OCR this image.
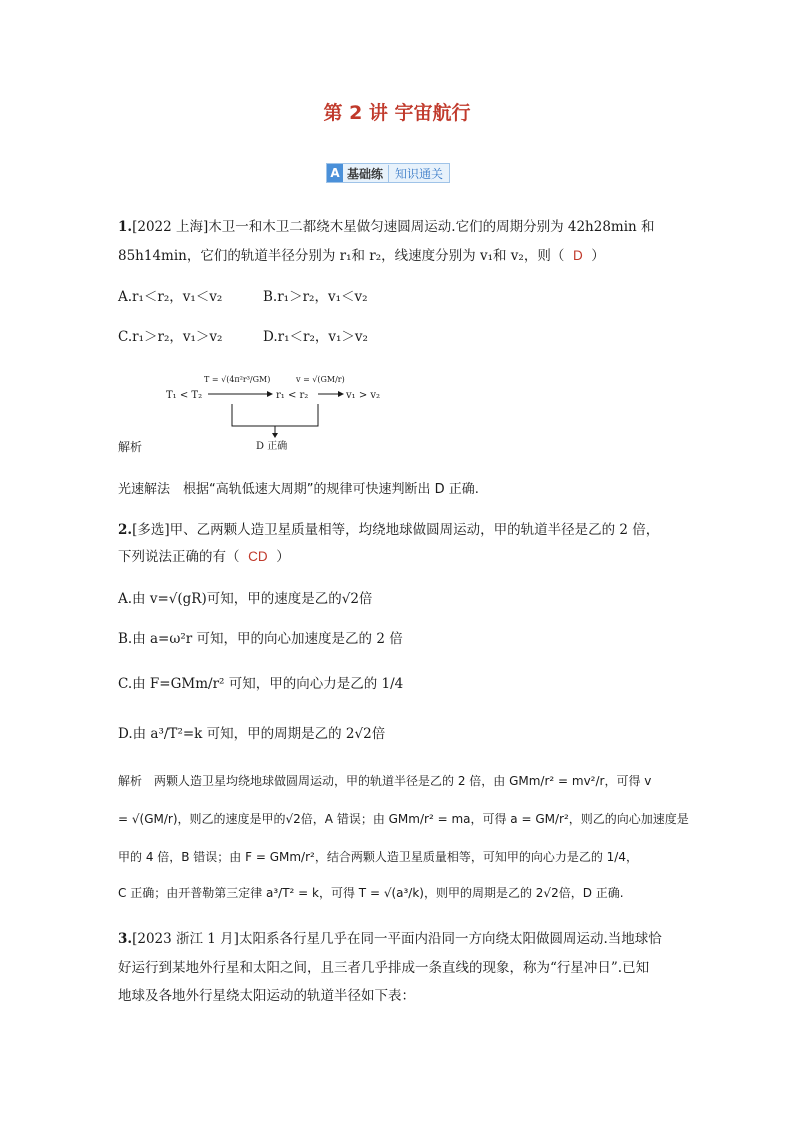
第 2 讲 宇宙航行
A 基础练	知识通关
1.[2022 上海]木卫一和木卫二都绕木星做匀速圆周运动.它们的周期分别为 42h28min 和
85h14min，它们的轨道半径分别为 r₁和 r₂，线速度分别为 v₁和 v₂，则（ D ）
A.r₁＜r₂，v₁＜v₂	B.r₁＞r₂，v₁＜v₂
C.r₁＞r₂，v₁＞v₂	D.r₁＜r₂，v₁＞v₂
T₁ < T₂
T = √(4π²r³/GM)
r₁ < r₂
v = √(GM/r)
v₁ > v₂
D 正确
解析
光速解法　根据“高轨低速大周期”的规律可快速判断出 D 正确.
2.[多选]甲、乙两颗人造卫星质量相等，均绕地球做圆周运动，甲的轨道半径是乙的 2 倍，
下列说法正确的有（ CD ）
A.由 v=√(gR)可知，甲的速度是乙的√2倍
B.由 a=ω²r 可知，甲的向心加速度是乙的 2 倍
C.由 F=GMm/r² 可知，甲的向心力是乙的 1/4
D.由 a³/T²=k 可知，甲的周期是乙的 2√2倍
解析　两颗人造卫星均绕地球做圆周运动，甲的轨道半径是乙的 2 倍，由 GMm/r² = mv²/r，可得 v
= √(GM/r)，则乙的速度是甲的√2倍，A 错误；由 GMm/r² = ma，可得 a = GM/r²，则乙的向心加速度是
甲的 4 倍，B 错误；由 F = GMm/r²，结合两颗人造卫星质量相等，可知甲的向心力是乙的 1/4，
C 正确；由开普勒第三定律 a³/T² = k，可得 T = √(a³/k)，则甲的周期是乙的 2√2倍，D 正确.
3.[2023 浙江 1 月]太阳系各行星几乎在同一平面内沿同一方向绕太阳做圆周运动.当地球恰
好运行到某地外行星和太阳之间，且三者几乎排成一条直线的现象，称为“行星冲日”.已知
地球及各地外行星绕太阳运动的轨道半径如下表：
